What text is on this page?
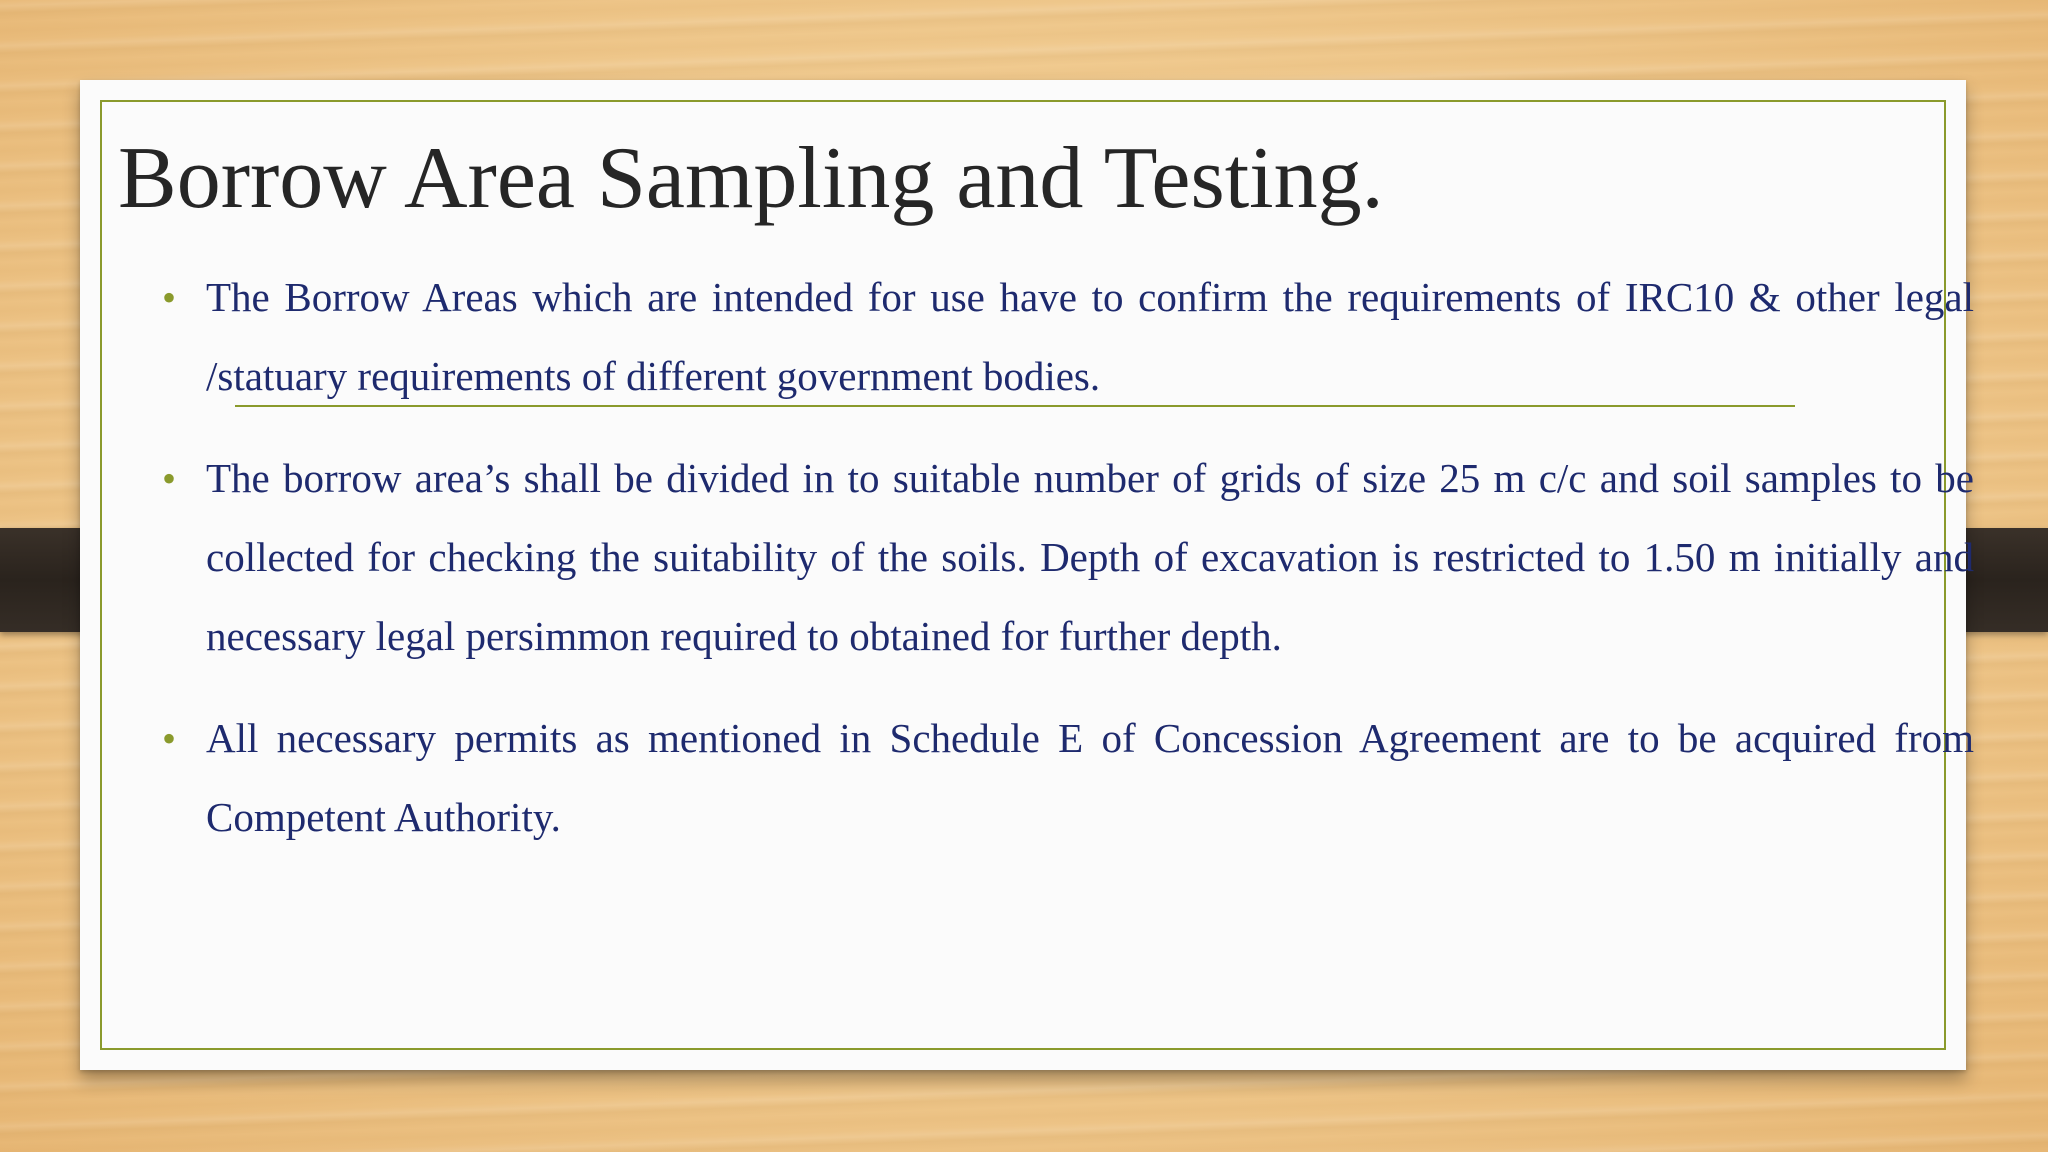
Borrow Area Sampling and Testing.
• The Borrow Areas which are intended for use have to confirm the requirements of IRC10 & other legal /statuary requirements of different government bodies.
• The borrow area’s shall be divided in to suitable number of grids of size 25 m c/c and soil samples to be collected for checking the suitability of the soils. Depth of excavation is restricted to 1.50 m initially and necessary legal persimmon required to obtained for further depth.
• All necessary permits as mentioned in Schedule E of Concession Agreement are to be acquired from Competent Authority.
